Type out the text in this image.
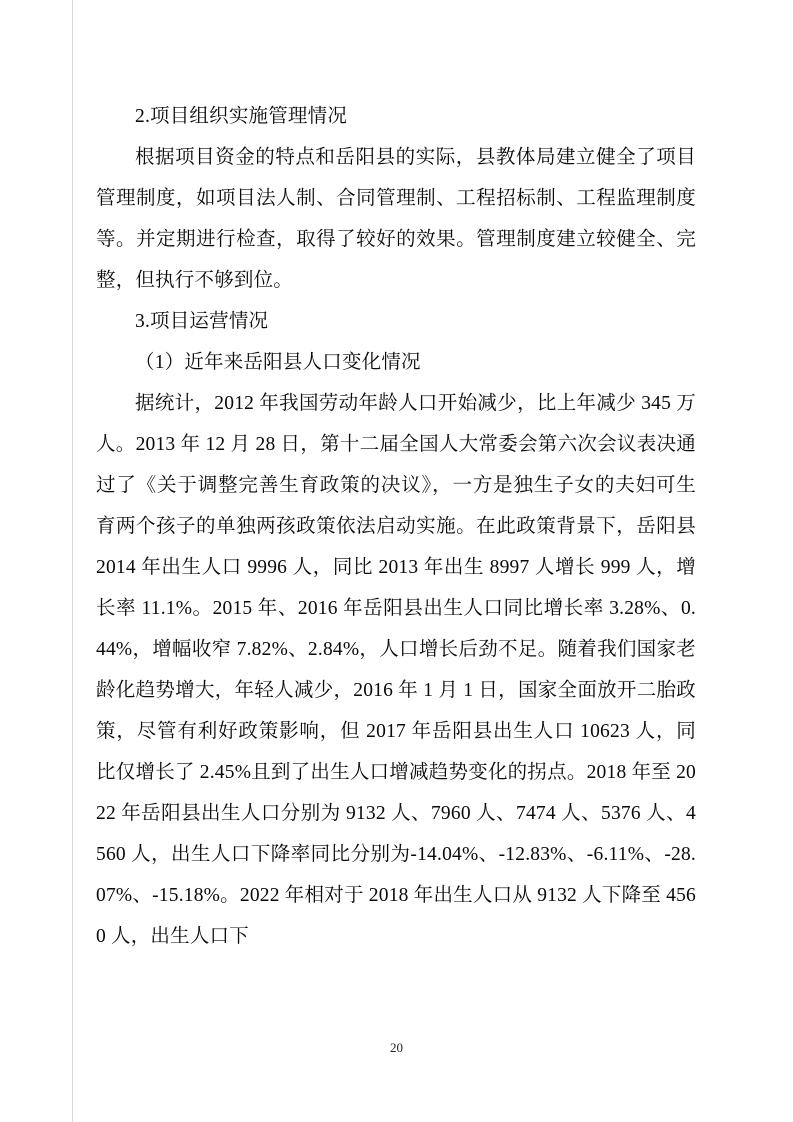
2.项目组织实施管理情况

根据项目资金的特点和岳阳县的实际，县教体局建立健全了项目管理制度，如项目法人制、合同管理制、工程招标制、工程监理制度等。并定期进行检查，取得了较好的效果。管理制度建立较健全、完整，但执行不够到位。

3.项目运营情况

（1）近年来岳阳县人口变化情况

据统计，2012 年我国劳动年龄人口开始减少，比上年减少 345 万人。2013 年 12 月 28 日，第十二届全国人大常委会第六次会议表决通过了《关于调整完善生育政策的决议》，一方是独生子女的夫妇可生育两个孩子的单独两孩政策依法启动实施。在此政策背景下，岳阳县 2014 年出生人口 9996 人，同比 2013 年出生 8997 人增长 999 人，增长率 11.1%。2015 年、2016 年岳阳县出生人口同比增长率 3.28%、0.44%，增幅收窄 7.82%、2.84%，人口增长后劲不足。随着我们国家老龄化趋势增大，年轻人减少，2016 年 1 月 1 日，国家全面放开二胎政策，尽管有利好政策影响，但 2017 年岳阳县出生人口 10623 人，同比仅增长了 2.45%且到了出生人口增减趋势变化的拐点。2018 年至 2022 年岳阳县出生人口分别为 9132 人、7960 人、7474 人、5376 人、4560 人，出生人口下降率同比分别为-14.04%、-12.83%、-6.11%、-28.07%、-15.18%。2022 年相对于 2018 年出生人口从 9132 人下降至 4560 人，出生人口下

20
